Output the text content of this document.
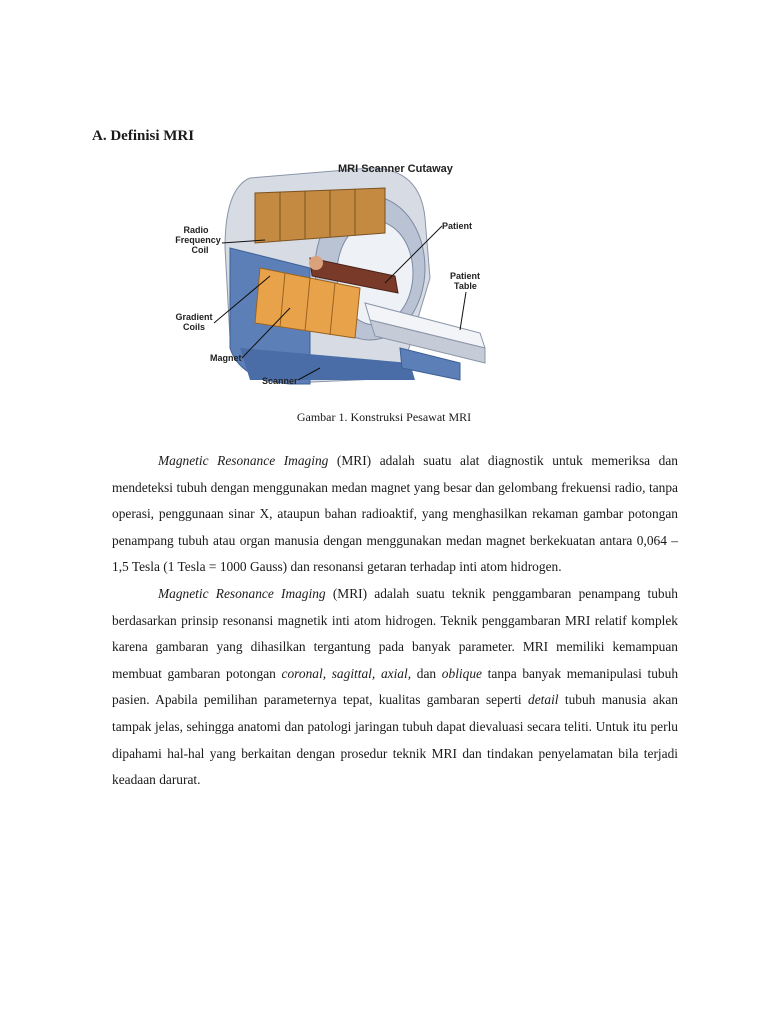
A. Definisi MRI
MRI Scanner Cutaway
Radio
Frequency
Coil
Gradient
Coils
Magnet
Scanner
Patient
Patient
Table
Gambar 1. Konstruksi Pesawat MRI

Magnetic Resonance Imaging (MRI) adalah suatu alat diagnostik untuk memeriksa dan mendeteksi tubuh dengan menggunakan medan magnet yang besar dan gelombang frekuensi radio, tanpa operasi, penggunaan sinar X, ataupun bahan radioaktif, yang menghasilkan rekaman gambar potongan penampang tubuh atau organ manusia dengan menggunakan medan magnet berkekuatan antara 0,064 – 1,5 Tesla (1 Tesla = 1000 Gauss) dan resonansi getaran terhadap inti atom hidrogen.

Magnetic Resonance Imaging (MRI) adalah suatu teknik penggambaran penampang tubuh berdasarkan prinsip resonansi magnetik inti atom hidrogen. Teknik penggambaran MRI relatif komplek karena gambaran yang dihasilkan tergantung pada banyak parameter. MRI memiliki kemampuan membuat gambaran potongan coronal, sagittal, axial, dan oblique tanpa banyak memanipulasi tubuh pasien. Apabila pemilihan parameternya tepat, kualitas gambaran seperti detail tubuh manusia akan tampak jelas, sehingga anatomi dan patologi jaringan tubuh dapat dievaluasi secara teliti. Untuk itu perlu dipahami hal-hal yang berkaitan dengan prosedur teknik MRI dan tindakan penyelamatan bila terjadi keadaan darurat.
